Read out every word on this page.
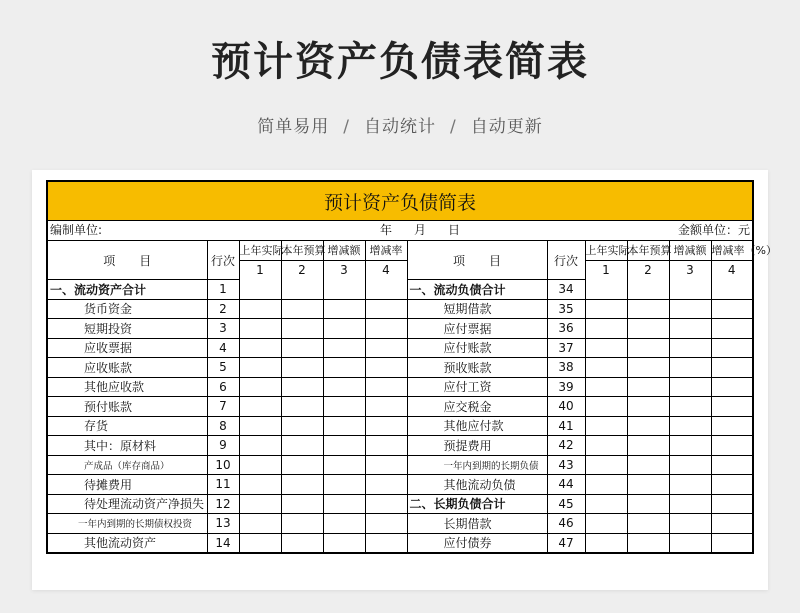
预计资产负债表简表
简单易用 / 自动统计 / 自动更新
预计资产负债简表
编制单位:	年 月 日	金额单位：元
项　　目	行次	上年实际	本年预算	增减额	增减率	项　　目	行次	上年实际	本年预算	增减额	增减率（%）
		1	2	3	4			1	2	3	4
一、流动资产合计	1					一、流动负债合计	34				
货币资金	2					短期借款	35				
短期投资	3					应付票据	36				
应收票据	4					应付账款	37				
应收账款	5					预收账款	38				
其他应收款	6					应付工资	39				
预付账款	7					应交税金	40				
存货	8					其他应付款	41				
其中：原材料	9					预提费用	42				
产成品（库存商品）	10					一年内到期的长期负债	43				
待摊费用	11					其他流动负债	44				
待处理流动资产净损失	12					二、长期负债合计	45				
一年内到期的长期债权投资	13					长期借款	46				
其他流动资产	14					应付债券	47				
